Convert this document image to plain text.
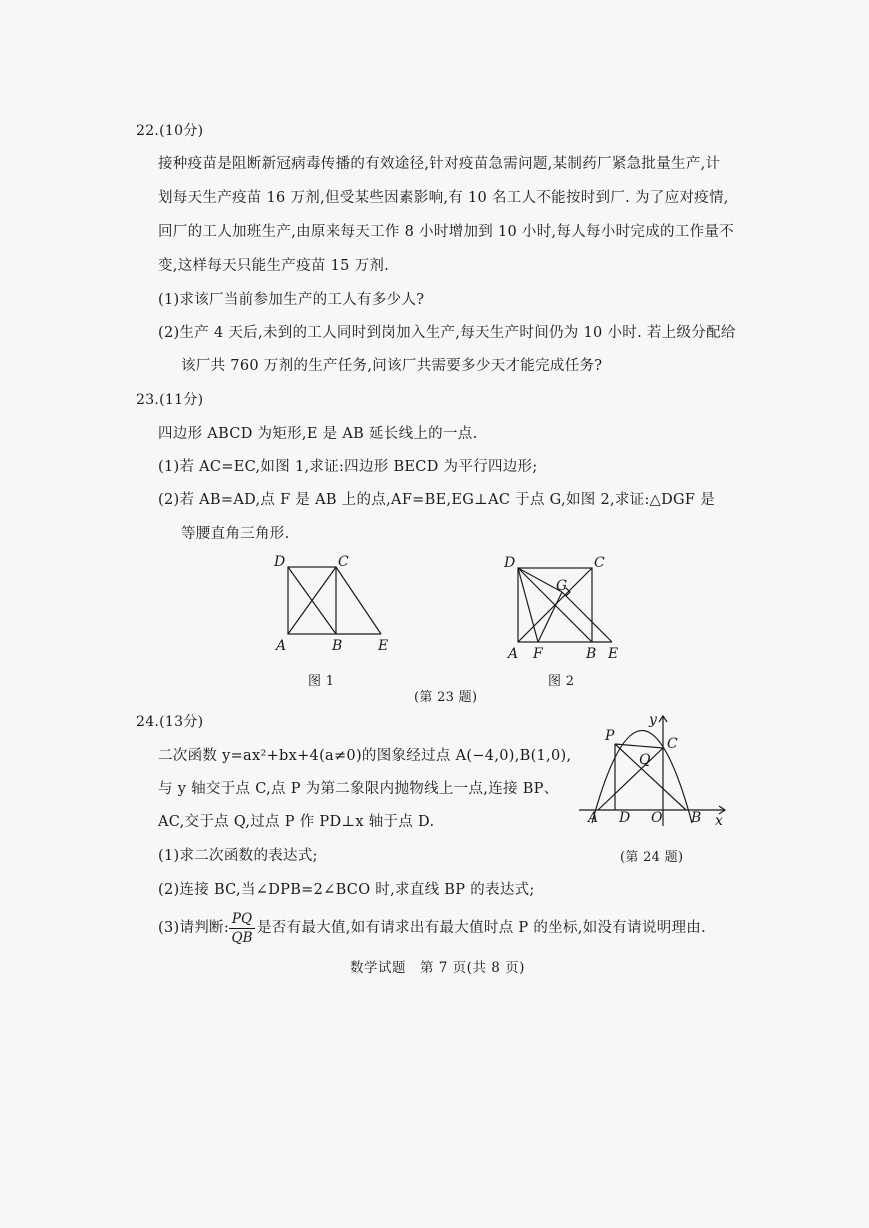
22.(10分)
接种疫苗是阻断新冠病毒传播的有效途径,针对疫苗急需问题,某制药厂紧急批量生产,计
划每天生产疫苗 16 万剂,但受某些因素影响,有 10 名工人不能按时到厂. 为了应对疫情,
回厂的工人加班生产,由原来每天工作 8 小时增加到 10 小时,每人每小时完成的工作量不
变,这样每天只能生产疫苗 15 万剂.
(1)求该厂当前参加生产的工人有多少人?
(2)生产 4 天后,未到的工人同时到岗加入生产,每天生产时间仍为 10 小时. 若上级分配给
该厂共 760 万剂的生产任务,问该厂共需要多少天才能完成任务?
23.(11分)
四边形 ABCD 为矩形,E 是 AB 延长线上的一点.
(1)若 AC=EC,如图 1,求证:四边形 BECD 为平行四边形;
(2)若 AB=AD,点 F 是 AB 上的点,AF=BE,EG⊥AC 于点 G,如图 2,求证:△DGF 是
等腰直角三角形.
D	C
A	B	E
图 1
D	C
G
A F	B E
图 2
(第 23 题)
24.(13分)
二次函数 y=ax²+bx+4(a≠0)的图象经过点 A(−4,0),B(1,0),
与 y 轴交于点 C,点 P 为第二象限内抛物线上一点,连接 BP、
AC,交于点 Q,过点 P 作 PD⊥x 轴于点 D.
(1)求二次函数的表达式;
(2)连接 BC,当∠DPB=2∠BCO 时,求直线 BP 的表达式;
(3)请判断: $\frac{PQ}{QB}$ 是否有最大值,如有请求出有最大值时点 P 的坐标,如没有请说明理由.
y
x
P
Q
C
A D O B
(第 24 题)
数学试题　第 7 页(共 8 页)
